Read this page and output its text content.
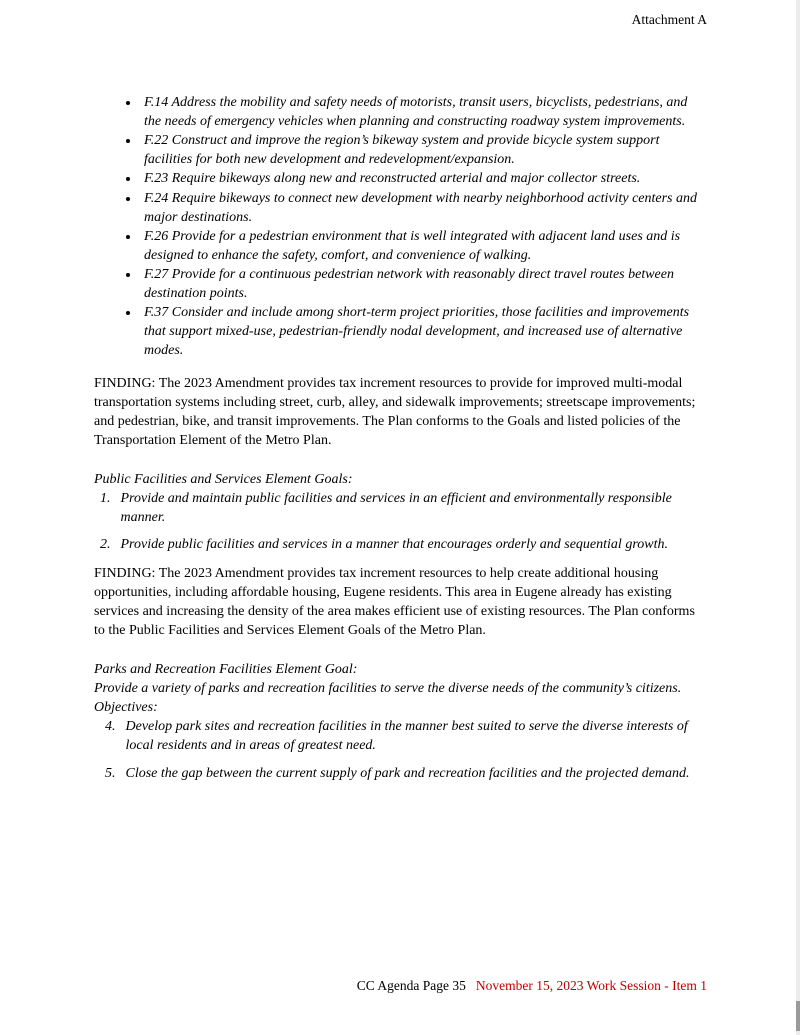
Attachment A
• F.14 Address the mobility and safety needs of motorists, transit users, bicyclists, pedestrians, and the needs of emergency vehicles when planning and constructing roadway system improvements.
• F.22 Construct and improve the region’s bikeway system and provide bicycle system support facilities for both new development and redevelopment/expansion.
• F.23 Require bikeways along new and reconstructed arterial and major collector streets.
• F.24 Require bikeways to connect new development with nearby neighborhood activity centers and major destinations.
• F.26 Provide for a pedestrian environment that is well integrated with adjacent land uses and is designed to enhance the safety, comfort, and convenience of walking.
• F.27 Provide for a continuous pedestrian network with reasonably direct travel routes between destination points.
• F.37 Consider and include among short-term project priorities, those facilities and improvements that support mixed-use, pedestrian-friendly nodal development, and increased use of alternative modes.

FINDING: The 2023 Amendment provides tax increment resources to provide for improved multi-modal transportation systems including street, curb, alley, and sidewalk improvements; streetscape improvements; and pedestrian, bike, and transit improvements. The Plan conforms to the Goals and listed policies of the Transportation Element of the Metro Plan.

Public Facilities and Services Element Goals:

1. Provide and maintain public facilities and services in an efficient and environmentally responsible manner.
2. Provide public facilities and services in a manner that encourages orderly and sequential growth.

FINDING: The 2023 Amendment provides tax increment resources to help create additional housing opportunities, including affordable housing, Eugene residents. This area in Eugene already has existing services and increasing the density of the area makes efficient use of existing resources. The Plan conforms to the Public Facilities and Services Element Goals of the Metro Plan.

Parks and Recreation Facilities Element Goal:

Provide a variety of parks and recreation facilities to serve the diverse needs of the community’s citizens.

Objectives:

4. Develop park sites and recreation facilities in the manner best suited to serve the diverse interests of local residents and in areas of greatest need.
5. Close the gap between the current supply of park and recreation facilities and the projected demand.
CC Agenda Page 35 November 15, 2023 Work Session - Item 1
